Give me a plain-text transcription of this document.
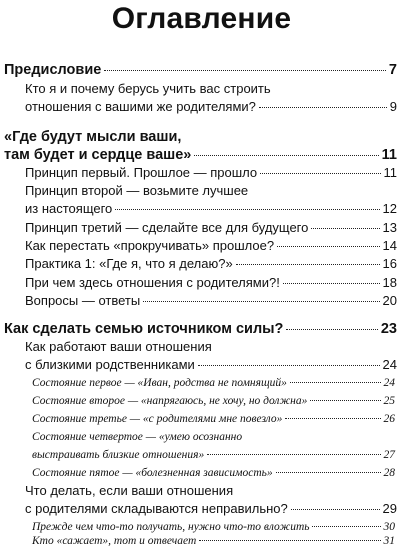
Оглавление
Предисловие	7
Кто я и почему берусь учить вас строить
отношения с вашими же родителями?	9
«Где будут мысли ваши,
там будет и сердце ваше»	11
Принцип первый. Прошлое — прошло	11
Принцип второй — возьмите лучшее
из настоящего	12
Принцип третий — сделайте все для будущего	13
Как перестать «прокручивать» прошлое?	14
Практика 1: «Где я, что я делаю?»	16
При чем здесь отношения с родителями?!	18
Вопросы — ответы	20
Как сделать семью источником силы?	23
Как работают ваши отношения
с близкими родственниками	24
Состояние первое — «Иван, родства не помнящий»	24
Состояние второе — «напрягаюсь, не хочу, но должна»	25
Состояние третье — «с родителями мне повезло»	26
Состояние четвертое — «умею осознанно
выстраивать близкие отношения»	27
Состояние пятое — «болезненная зависимость»	28
Что делать, если ваши отношения
с родителями складываются неправильно?	29
Прежде чем что-то получать, нужно что-то вложить	30
Кто «сажает», тот и отвечает	31
